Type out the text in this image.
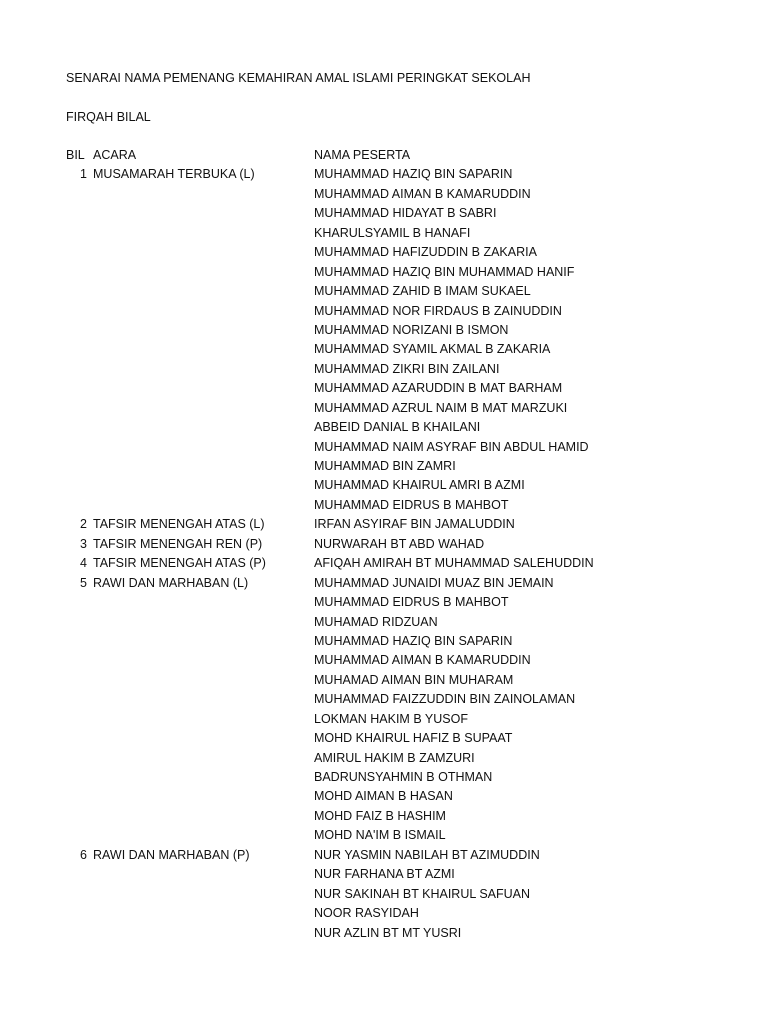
SENARAI NAMA PEMENANG KEMAHIRAN AMAL ISLAMI PERINGKAT SEKOLAH
FIRQAH BILAL
BIL ACARA	NAMA PESERTA
1 MUSAMARAH TERBUKA (L)	MUHAMMAD HAZIQ BIN SAPARIN
MUHAMMAD AIMAN B KAMARUDDIN
MUHAMMAD HIDAYAT B SABRI
KHARULSYAMIL B HANAFI
MUHAMMAD HAFIZUDDIN B ZAKARIA
MUHAMMAD HAZIQ BIN MUHAMMAD HANIF
MUHAMMAD ZAHID B IMAM SUKAEL
MUHAMMAD NOR FIRDAUS B ZAINUDDIN
MUHAMMAD NORIZANI B ISMON
MUHAMMAD SYAMIL AKMAL B ZAKARIA
MUHAMMAD ZIKRI BIN ZAILANI
MUHAMMAD AZARUDDIN B MAT BARHAM
MUHAMMAD AZRUL NAIM B MAT MARZUKI
ABBEID DANIAL B KHAILANI
MUHAMMAD NAIM ASYRAF BIN ABDUL HAMID
MUHAMMAD BIN ZAMRI
MUHAMMAD KHAIRUL AMRI B AZMI
MUHAMMAD EIDRUS B MAHBOT
2 TAFSIR MENENGAH ATAS (L)	IRFAN ASYIRAF BIN JAMALUDDIN
3 TAFSIR MENENGAH REN (P)	NURWARAH BT ABD WAHAD
4 TAFSIR MENENGAH ATAS (P)	AFIQAH AMIRAH BT MUHAMMAD SALEHUDDIN
5 RAWI DAN MARHABAN (L)	MUHAMMAD JUNAIDI MUAZ BIN JEMAIN
MUHAMMAD EIDRUS B MAHBOT
MUHAMAD RIDZUAN
MUHAMMAD HAZIQ BIN SAPARIN
MUHAMMAD AIMAN B KAMARUDDIN
MUHAMAD AIMAN BIN MUHARAM
MUHAMMAD FAIZZUDDIN BIN ZAINOLAMAN
LOKMAN HAKIM B YUSOF
MOHD KHAIRUL HAFIZ B SUPAAT
AMIRUL HAKIM B ZAMZURI
BADRUNSYAHMIN B OTHMAN
MOHD AIMAN B HASAN
MOHD FAIZ B HASHIM
MOHD NA'IM B ISMAIL
6 RAWI DAN MARHABAN (P)	NUR YASMIN NABILAH BT AZIMUDDIN
NUR FARHANA BT AZMI
NUR SAKINAH BT KHAIRUL SAFUAN
NOOR RASYIDAH
NUR AZLIN BT MT YUSRI
